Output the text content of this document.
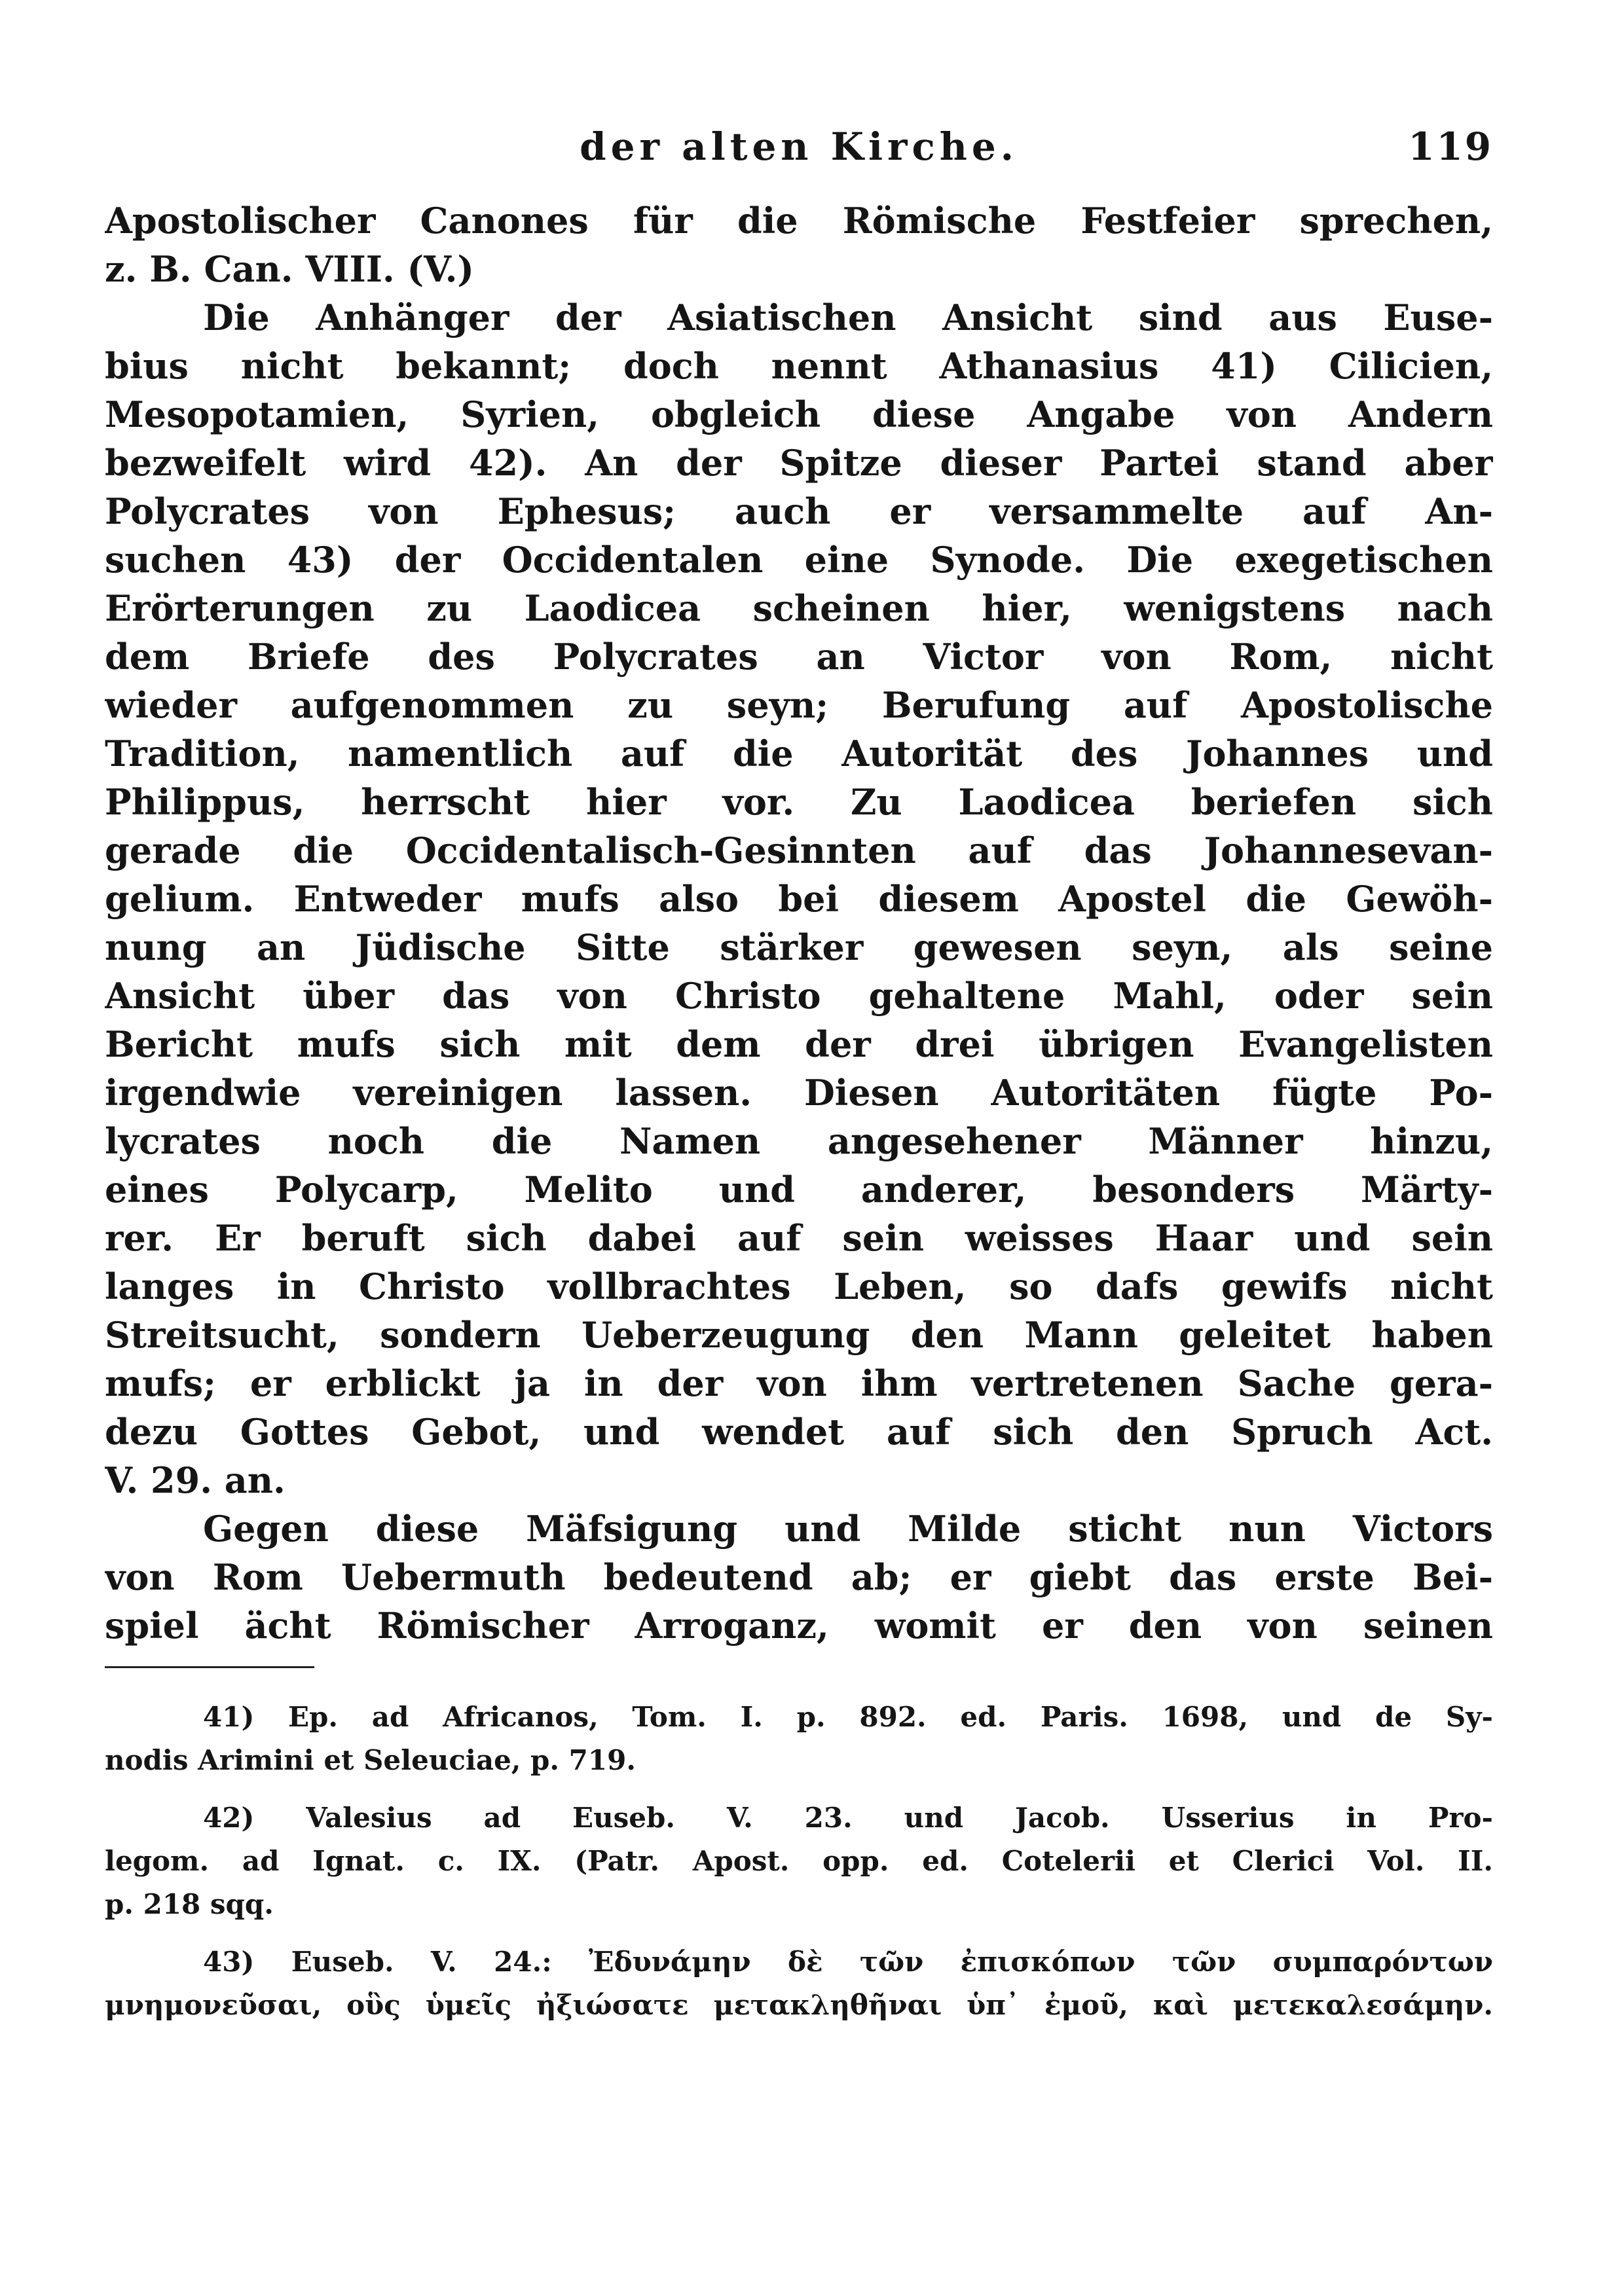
der alten Kirche.	119
Apostolischer Canones für die Römische Festfeier sprechen,
z. B. Can. VIII. (V.)
Die Anhänger der Asiatischen Ansicht sind aus Euse-
bius nicht bekannt; doch nennt Athanasius 41) Cilicien,
Mesopotamien, Syrien, obgleich diese Angabe von Andern
bezweifelt wird 42). An der Spitze dieser Partei stand aber
Polycrates von Ephesus; auch er versammelte auf An-
suchen 43) der Occidentalen eine Synode. Die exegetischen
Erörterungen zu Laodicea scheinen hier, wenigstens nach
dem Briefe des Polycrates an Victor von Rom, nicht
wieder aufgenommen zu seyn; Berufung auf Apostolische
Tradition, namentlich auf die Autorität des Johannes und
Philippus, herrscht hier vor. Zu Laodicea beriefen sich
gerade die Occidentalisch-Gesinnten auf das Johannesevan-
gelium. Entweder mufs also bei diesem Apostel die Gewöh-
nung an Jüdische Sitte stärker gewesen seyn, als seine
Ansicht über das von Christo gehaltene Mahl, oder sein
Bericht mufs sich mit dem der drei übrigen Evangelisten
irgendwie vereinigen lassen. Diesen Autoritäten fügte Po-
lycrates noch die Namen angesehener Männer hinzu,
eines Polycarp, Melito und anderer, besonders Märty-
rer. Er beruft sich dabei auf sein weisses Haar und sein
langes in Christo vollbrachtes Leben, so dafs gewifs nicht
Streitsucht, sondern Ueberzeugung den Mann geleitet haben
mufs; er erblickt ja in der von ihm vertretenen Sache gera-
dezu Gottes Gebot, und wendet auf sich den Spruch Act.
V. 29. an.
Gegen diese Mäfsigung und Milde sticht nun Victors
von Rom Uebermuth bedeutend ab; er giebt das erste Bei-
spiel ächt Römischer Arroganz, womit er den von seinen
41) Ep. ad Africanos, Tom. I. p. 892. ed. Paris. 1698, und de Sy-
nodis Arimini et Seleuciae, p. 719.
42) Valesius ad Euseb. V. 23. und Jacob. Usserius in Pro-
legom. ad Ignat. c. IX. (Patr. Apost. opp. ed. Cotelerii et Clerici Vol. II.
p. 218 sqq.
43) Euseb. V. 24.: Ἐδυνάμην δὲ τῶν ἐπισκόπων τῶν συμπαρόντων
μνημονεῦσαι, οὓς ὑμεῖς ἠξιώσατε μετακληθῆναι ὑπ᾽ ἐμοῦ, καὶ μετεκαλεσάμην.
